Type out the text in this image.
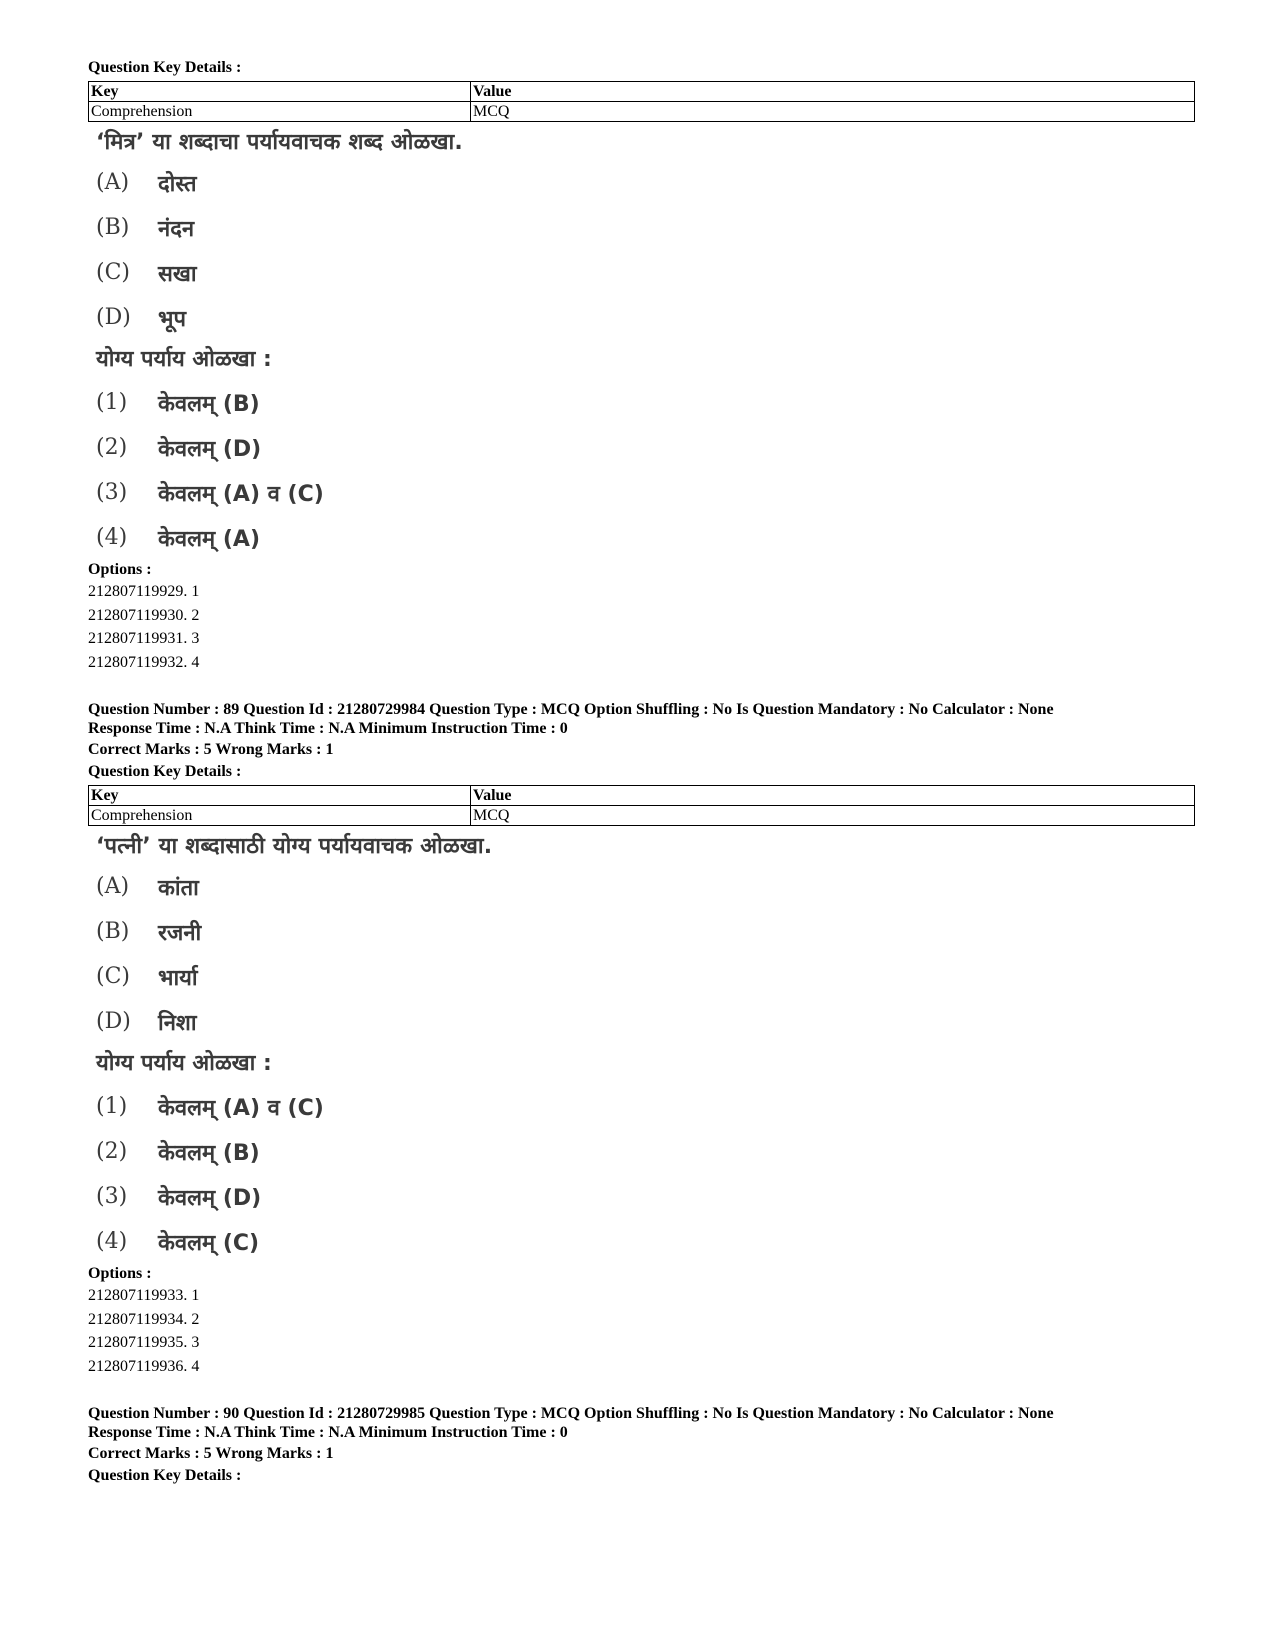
Question Key Details :
Key	Value
Comprehension	MCQ
‘मित्र’ या शब्दाचा पर्यायवाचक शब्द ओळखा.
(A)	दोस्त
(B)	नंदन
(C)	सखा
(D)	भूप
योग्य पर्याय ओळखा :
(1)	केवलम् (B)
(2)	केवलम् (D)
(3)	केवलम् (A) व (C)
(4)	केवलम् (A)
Options :
212807119929. 1
212807119930. 2
212807119931. 3
212807119932. 4
Question Number : 89 Question Id : 21280729984 Question Type : MCQ Option Shuffling : No Is Question Mandatory : No Calculator : None
Response Time : N.A Think Time : N.A Minimum Instruction Time : 0
Correct Marks : 5 Wrong Marks : 1
Question Key Details :
Key	Value
Comprehension	MCQ
‘पत्नी’ या शब्दासाठी योग्य पर्यायवाचक ओळखा.
(A)	कांता
(B)	रजनी
(C)	भार्या
(D)	निशा
योग्य पर्याय ओळखा :
(1)	केवलम् (A) व (C)
(2)	केवलम् (B)
(3)	केवलम् (D)
(4)	केवलम् (C)
Options :
212807119933. 1
212807119934. 2
212807119935. 3
212807119936. 4
Question Number : 90 Question Id : 21280729985 Question Type : MCQ Option Shuffling : No Is Question Mandatory : No Calculator : None
Response Time : N.A Think Time : N.A Minimum Instruction Time : 0
Correct Marks : 5 Wrong Marks : 1
Question Key Details :
